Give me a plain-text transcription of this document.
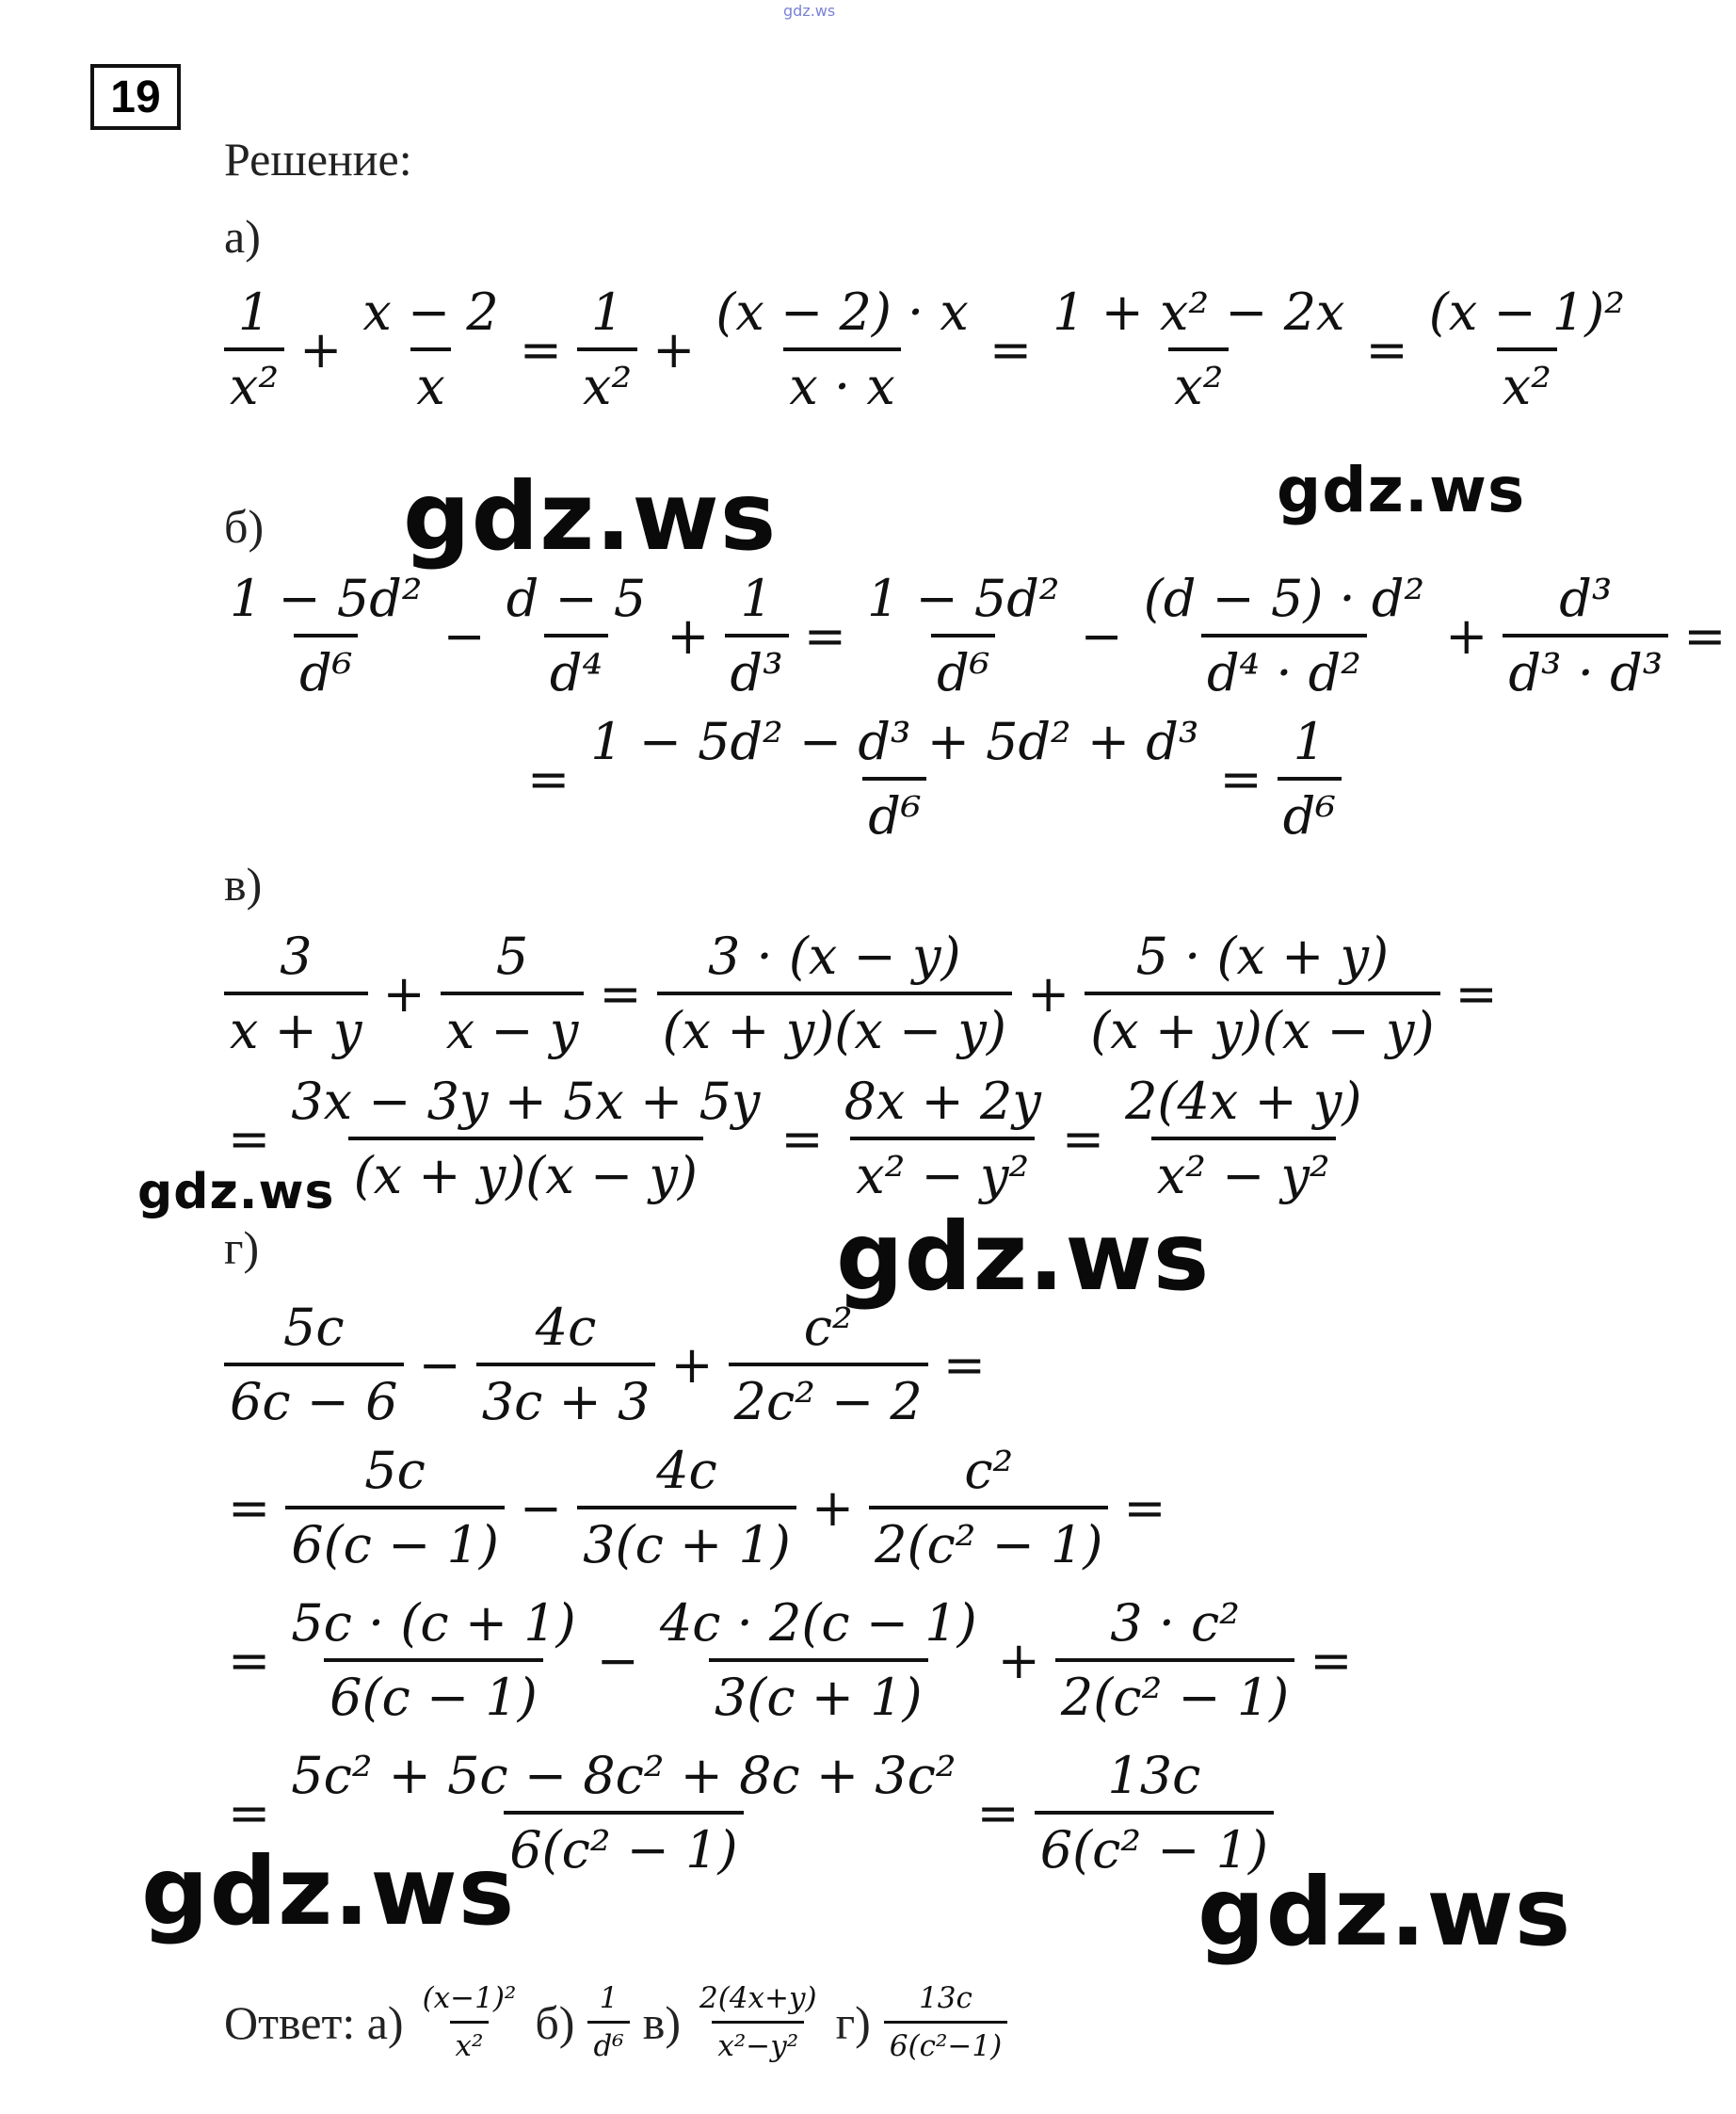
gdz.ws
19
Решение:
а)
$\frac{1}{\text{x²}} + \frac{x - 2}{x} = \frac{1}{\text{x²}} + \frac{(x - 2) \cdot x}{x \cdot x} = \frac{\text{1 + x² − 2x}}{\text{x²}} = \frac{\text{(x − 1)²}}{\text{x²}}$
б)
$\frac{\text{1 − 5d²}}{\text{d⁶}} - \frac{d - 5}{\text{d⁴}} + \frac{1}{\text{d³}} = \frac{\text{1 − 5d²}}{\text{d⁶}} - \frac{\text{(d − 5) · d²}}{\text{d⁴ · d²}} + \frac{\text{d³}}{\text{d³ · d³}}$ =
= $\frac{\text{1 − 5d² − d³ + 5d² + d³}}{\text{d⁶}} = \frac{1}{\text{d⁶}}$
в)
$\frac{3}{x + y} + \frac{5}{x - y} = \frac{3 \cdot (x - y)}{(x + y)(x - y)} + \frac{5 \cdot (x + y)}{(x + y)(x - y)}$ =
= $\frac{3x - 3y + 5x + 5y}{(x + y)(x - y)} = \frac{8x + 2y}{\text{x² − y²}} = \frac{2(4x + y)}{\text{x² − y²}}$
г)
$\frac{5c}{6c - 6} - \frac{4c}{3c + 3} + \frac{\text{c²}}{\text{2c² − 2}}$ =
= $\frac{5c}{6(c - 1)} - \frac{4c}{3(c + 1)} + \frac{\text{c²}}{\text{2(c² − 1)}}$ =
= $\frac{5c \cdot (c + 1)}{6(c - 1)} - \frac{4c \cdot 2(c - 1)}{3(c + 1)} + \frac{\text{3 · c²}}{\text{2(c² − 1)}}$ =
= $\frac{\text{5c² + 5c − 8c² + 8c + 3c²}}{\text{6(c² − 1)}} = \frac{13c}{\text{6(c² − 1)}}$
Ответ: $а) \frac{\text{(x−1)²}}{\text{x²}} б) \frac{1}{\text{d⁶}} в) \frac{2(4x+y)}{\text{x²−y²}} г) \frac{13c}{\text{6(c²−1)}}$
gdz.ws	gdz.ws
gdz.ws
gdz.ws
gdz.ws	gdz.ws
